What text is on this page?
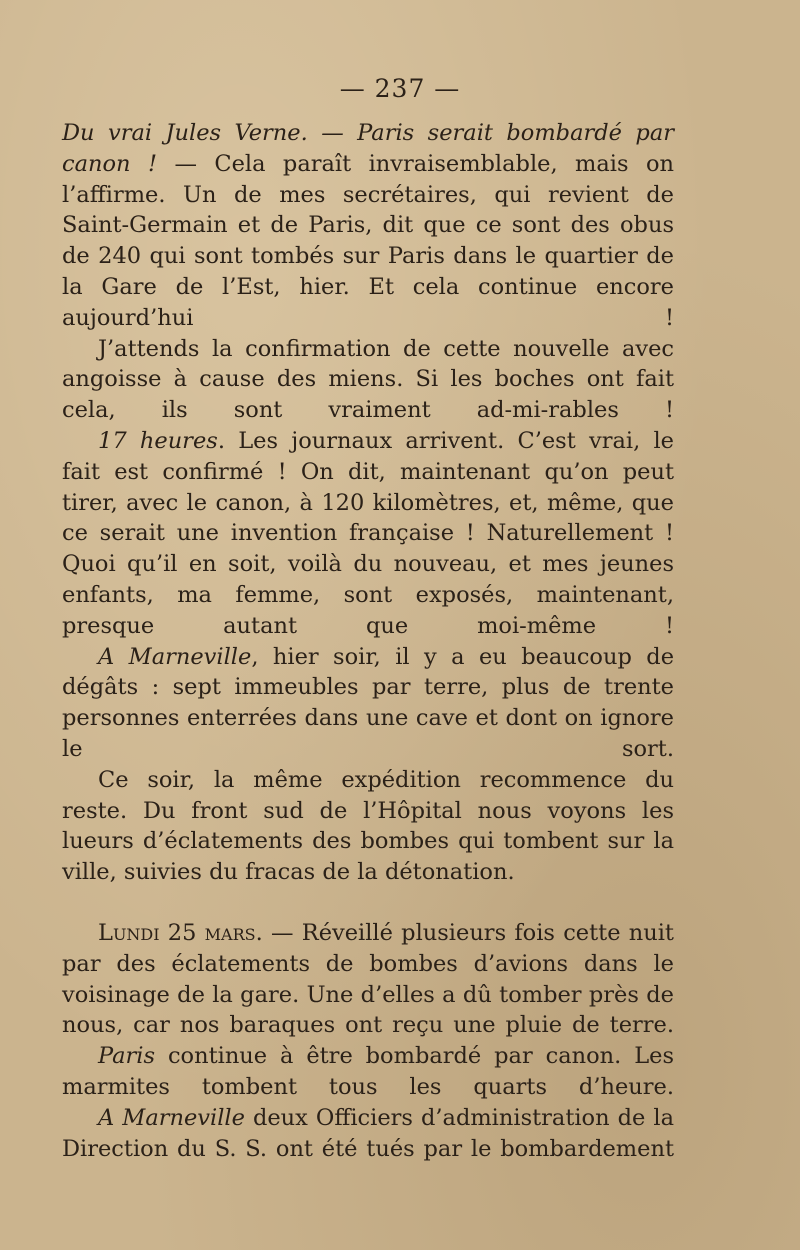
— 237 —

Du vrai Jules Verne. — Paris serait bombardé par canon ! — Cela paraît invraisemblable, mais on l’affirme. Un de mes secrétaires, qui revient de Saint-Germain et de Paris, dit que ce sont des obus de 240 qui sont tombés sur Paris dans le quartier de la Gare de l’Est, hier. Et cela continue encore aujourd’hui !

J’attends la confirmation de cette nouvelle avec angoisse à cause des miens. Si les boches ont fait cela, ils sont vraiment ad-mi-rables !

17 heures. Les journaux arrivent. C’est vrai, le fait est confirmé ! On dit, maintenant qu’on peut tirer, avec le canon, à 120 kilomètres, et, même, que ce serait une invention française ! Naturellement ! Quoi qu’il en soit, voilà du nouveau, et mes jeunes enfants, ma femme, sont exposés, maintenant, presque autant que moi-même !

A Marneville, hier soir, il y a eu beaucoup de dégâts : sept immeubles par terre, plus de trente personnes enterrées dans une cave et dont on ignore le sort.

Ce soir, la même expédition recommence du reste. Du front sud de l’Hôpital nous voyons les lueurs d’éclatements des bombes qui tombent sur la ville, suivies du fracas de la détonation.

Lundi 25 mars. — Réveillé plusieurs fois cette nuit par des éclatements de bombes d’avions dans le voisinage de la gare. Une d’elles a dû tomber près de nous, car nos baraques ont reçu une pluie de terre.

Paris continue à être bombardé par canon. Les marmites tombent tous les quarts d’heure.

A Marneville deux Officiers d’administration de la Direction du S. S. ont été tués par le bombardement
